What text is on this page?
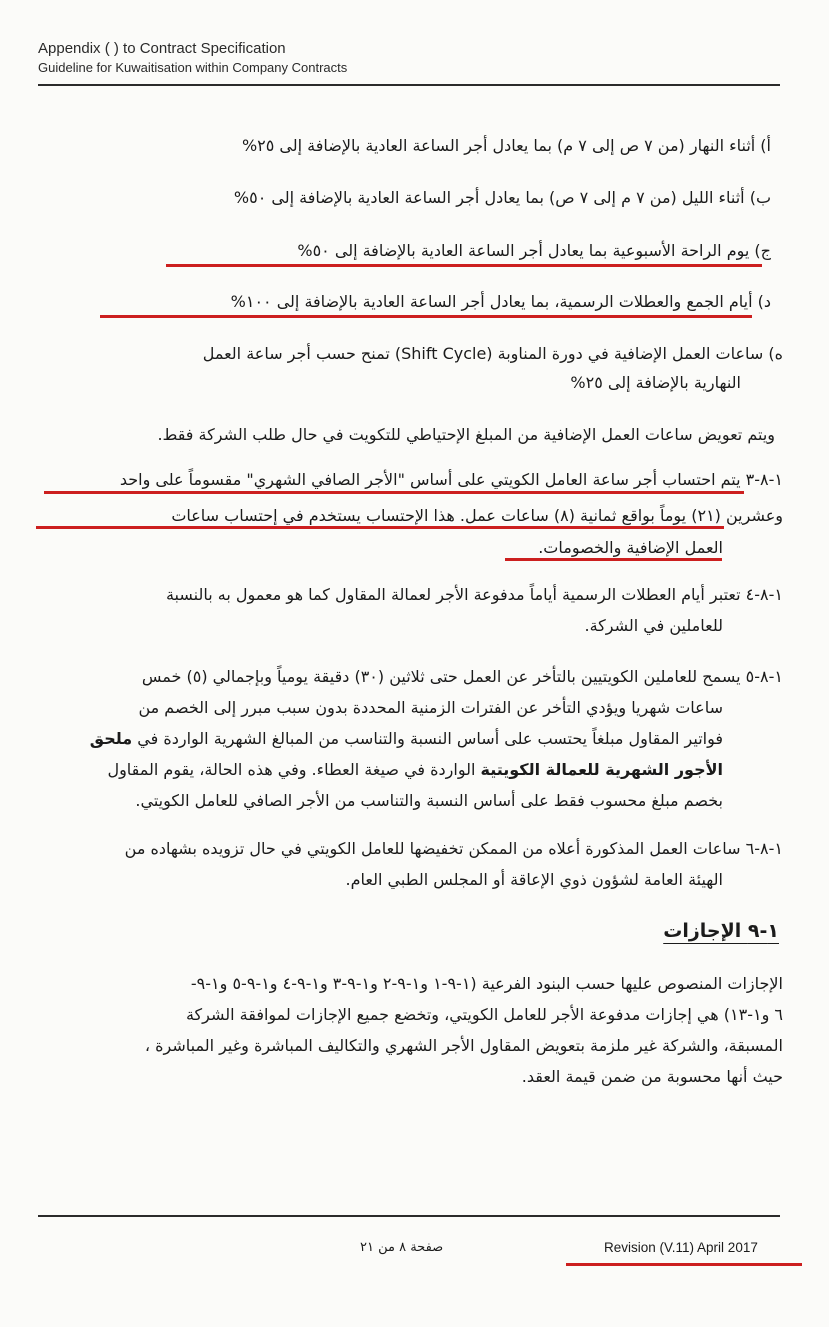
Appendix ( ) to Contract Specification
Guideline for Kuwaitisation within Company Contracts
أ) أثناء النهار (من ٧ ص إلى ٧ م) بما يعادل أجر الساعة العادية بالإضافة إلى ٢٥%
ب) أثناء الليل (من ٧ م إلى ٧ ص) بما يعادل أجر الساعة العادية بالإضافة إلى ٥٠%
ج) يوم الراحة الأسبوعية بما يعادل أجر الساعة العادية بالإضافة إلى ٥٠%
د) أيام الجمع والعطلات الرسمية، بما يعادل أجر الساعة العادية بالإضافة إلى ١٠٠%
ه) ساعات العمل الإضافية في دورة المناوبة (Shift Cycle) تمنح حسب أجر ساعة العمل
النهارية بالإضافة إلى ٢٥%
ويتم تعويض ساعات العمل الإضافية من المبلغ الإحتياطي للتكويت في حال طلب الشركة فقط.
١-٨-٣ يتم احتساب أجر ساعة العامل الكويتي على أساس "الأجر الصافي الشهري" مقسوماً على واحد
وعشرين (٢١) يوماً بواقع ثمانية (٨) ساعات عمل. هذا الإحتساب يستخدم في إحتساب ساعات
العمل الإضافية والخصومات.
١-٨-٤ تعتبر أيام العطلات الرسمية أياماً مدفوعة الأجر لعمالة المقاول كما هو معمول به بالنسبة
للعاملين في الشركة.
١-٨-٥ يسمح للعاملين الكويتيين بالتأخر عن العمل حتى ثلاثين (٣٠) دقيقة يومياً وبإجمالي (٥) خمس
ساعات شهريا ويؤدي التأخر عن الفترات الزمنية المحددة بدون سبب مبرر إلى الخصم من
فواتير المقاول مبلغاً يحتسب على أساس النسبة والتناسب من المبالغ الشهرية الواردة في ملحق
الأجور الشهرية للعمالة الكويتية الواردة في صيغة العطاء. وفي هذه الحالة، يقوم المقاول
بخصم مبلغ محسوب فقط على أساس النسبة والتناسب من الأجر الصافي للعامل الكويتي.
١-٨-٦ ساعات العمل المذكورة أعلاه من الممكن تخفيضها للعامل الكويتي في حال تزويده بشهاده من
الهيئة العامة لشؤون ذوي الإعاقة أو المجلس الطبي العام.
١-٩ الإجازات
الإجازات المنصوص عليها حسب البنود الفرعية (١-٩-١ و١-٩-٢ و١-٩-٣ و١-٩-٤ و١-٩-٥ و١-٩-
٦ و١-١٣) هي إجازات مدفوعة الأجر للعامل الكويتي، وتخضع جميع الإجازات لموافقة الشركة
المسبقة، والشركة غير ملزمة بتعويض المقاول الأجر الشهري والتكاليف المباشرة وغير المباشرة ،
حيث أنها محسوبة من ضمن قيمة العقد.
صفحة ٨ من ٢١	Revision (V.11) April 2017
